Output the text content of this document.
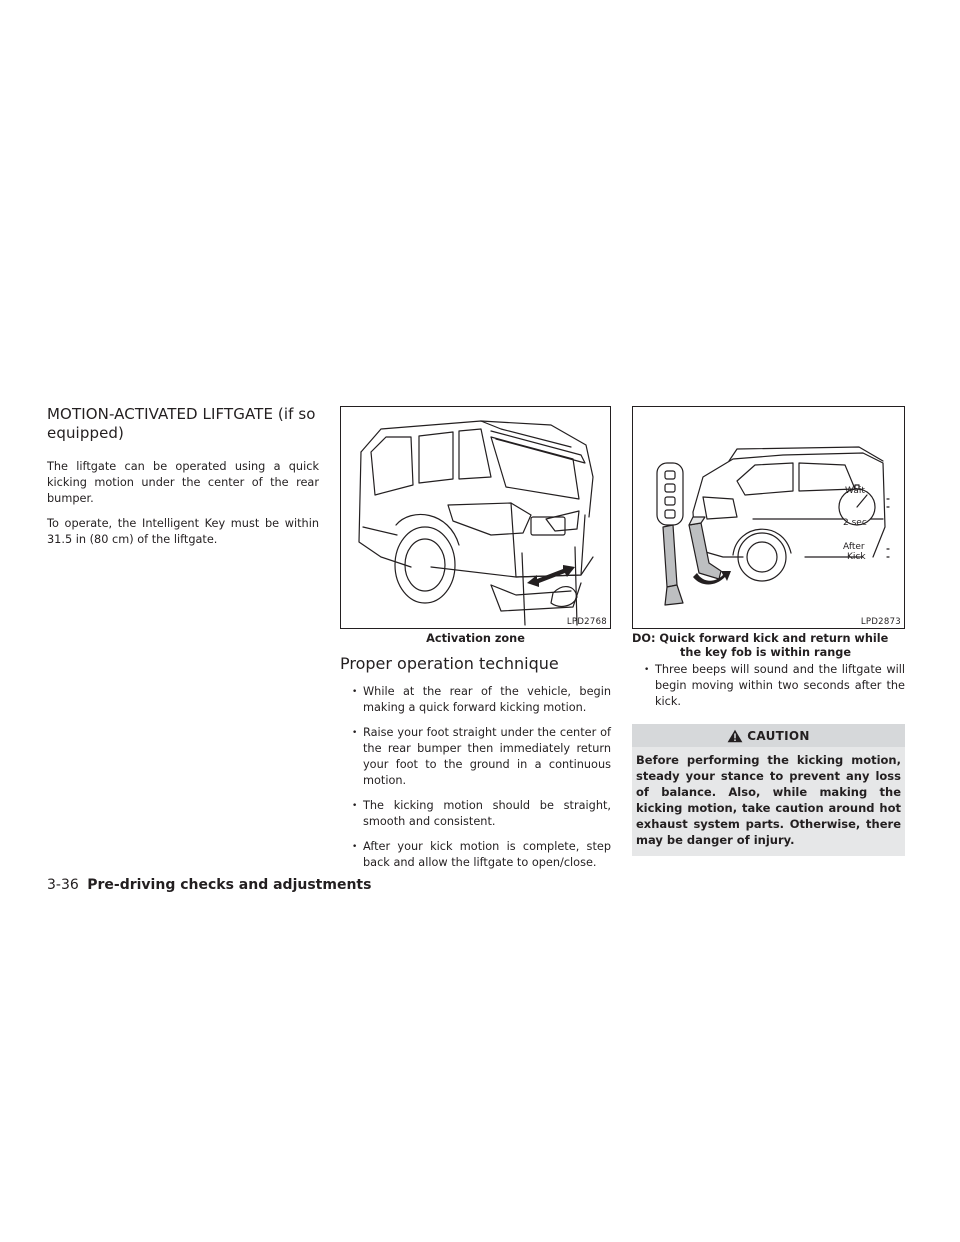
MOTION-ACTIVATED LIFTGATE (if so equipped)

The liftgate can be operated using a quick kicking motion under the center of the rear bumper.

To operate, the Intelligent Key must be within 31.5 in (80 cm) of the liftgate.

OK
LPD2768
Activation zone
Proper operation technique
• While at the rear of the vehicle, begin making a quick forward kicking motion.
• Raise your foot straight under the center of the rear bumper then immediately return your foot to the ground in a continuous motion.
• The kicking motion should be straight, smooth and consistent.
• After your kick motion is complete, step back and allow the liftgate to open/close.
Wait
2 sec
After
Kick
LPD2873
DO: Quick forward kick and return while the key fob is within range
• Three beeps will sound and the liftgate will begin moving within two seconds after the kick.
CAUTION
Before performing the kicking motion, steady your stance to prevent any loss of balance. Also, while making the kicking motion, take caution around hot exhaust system parts. Otherwise, there may be danger of injury.
3-36 Pre-driving checks and adjustments
